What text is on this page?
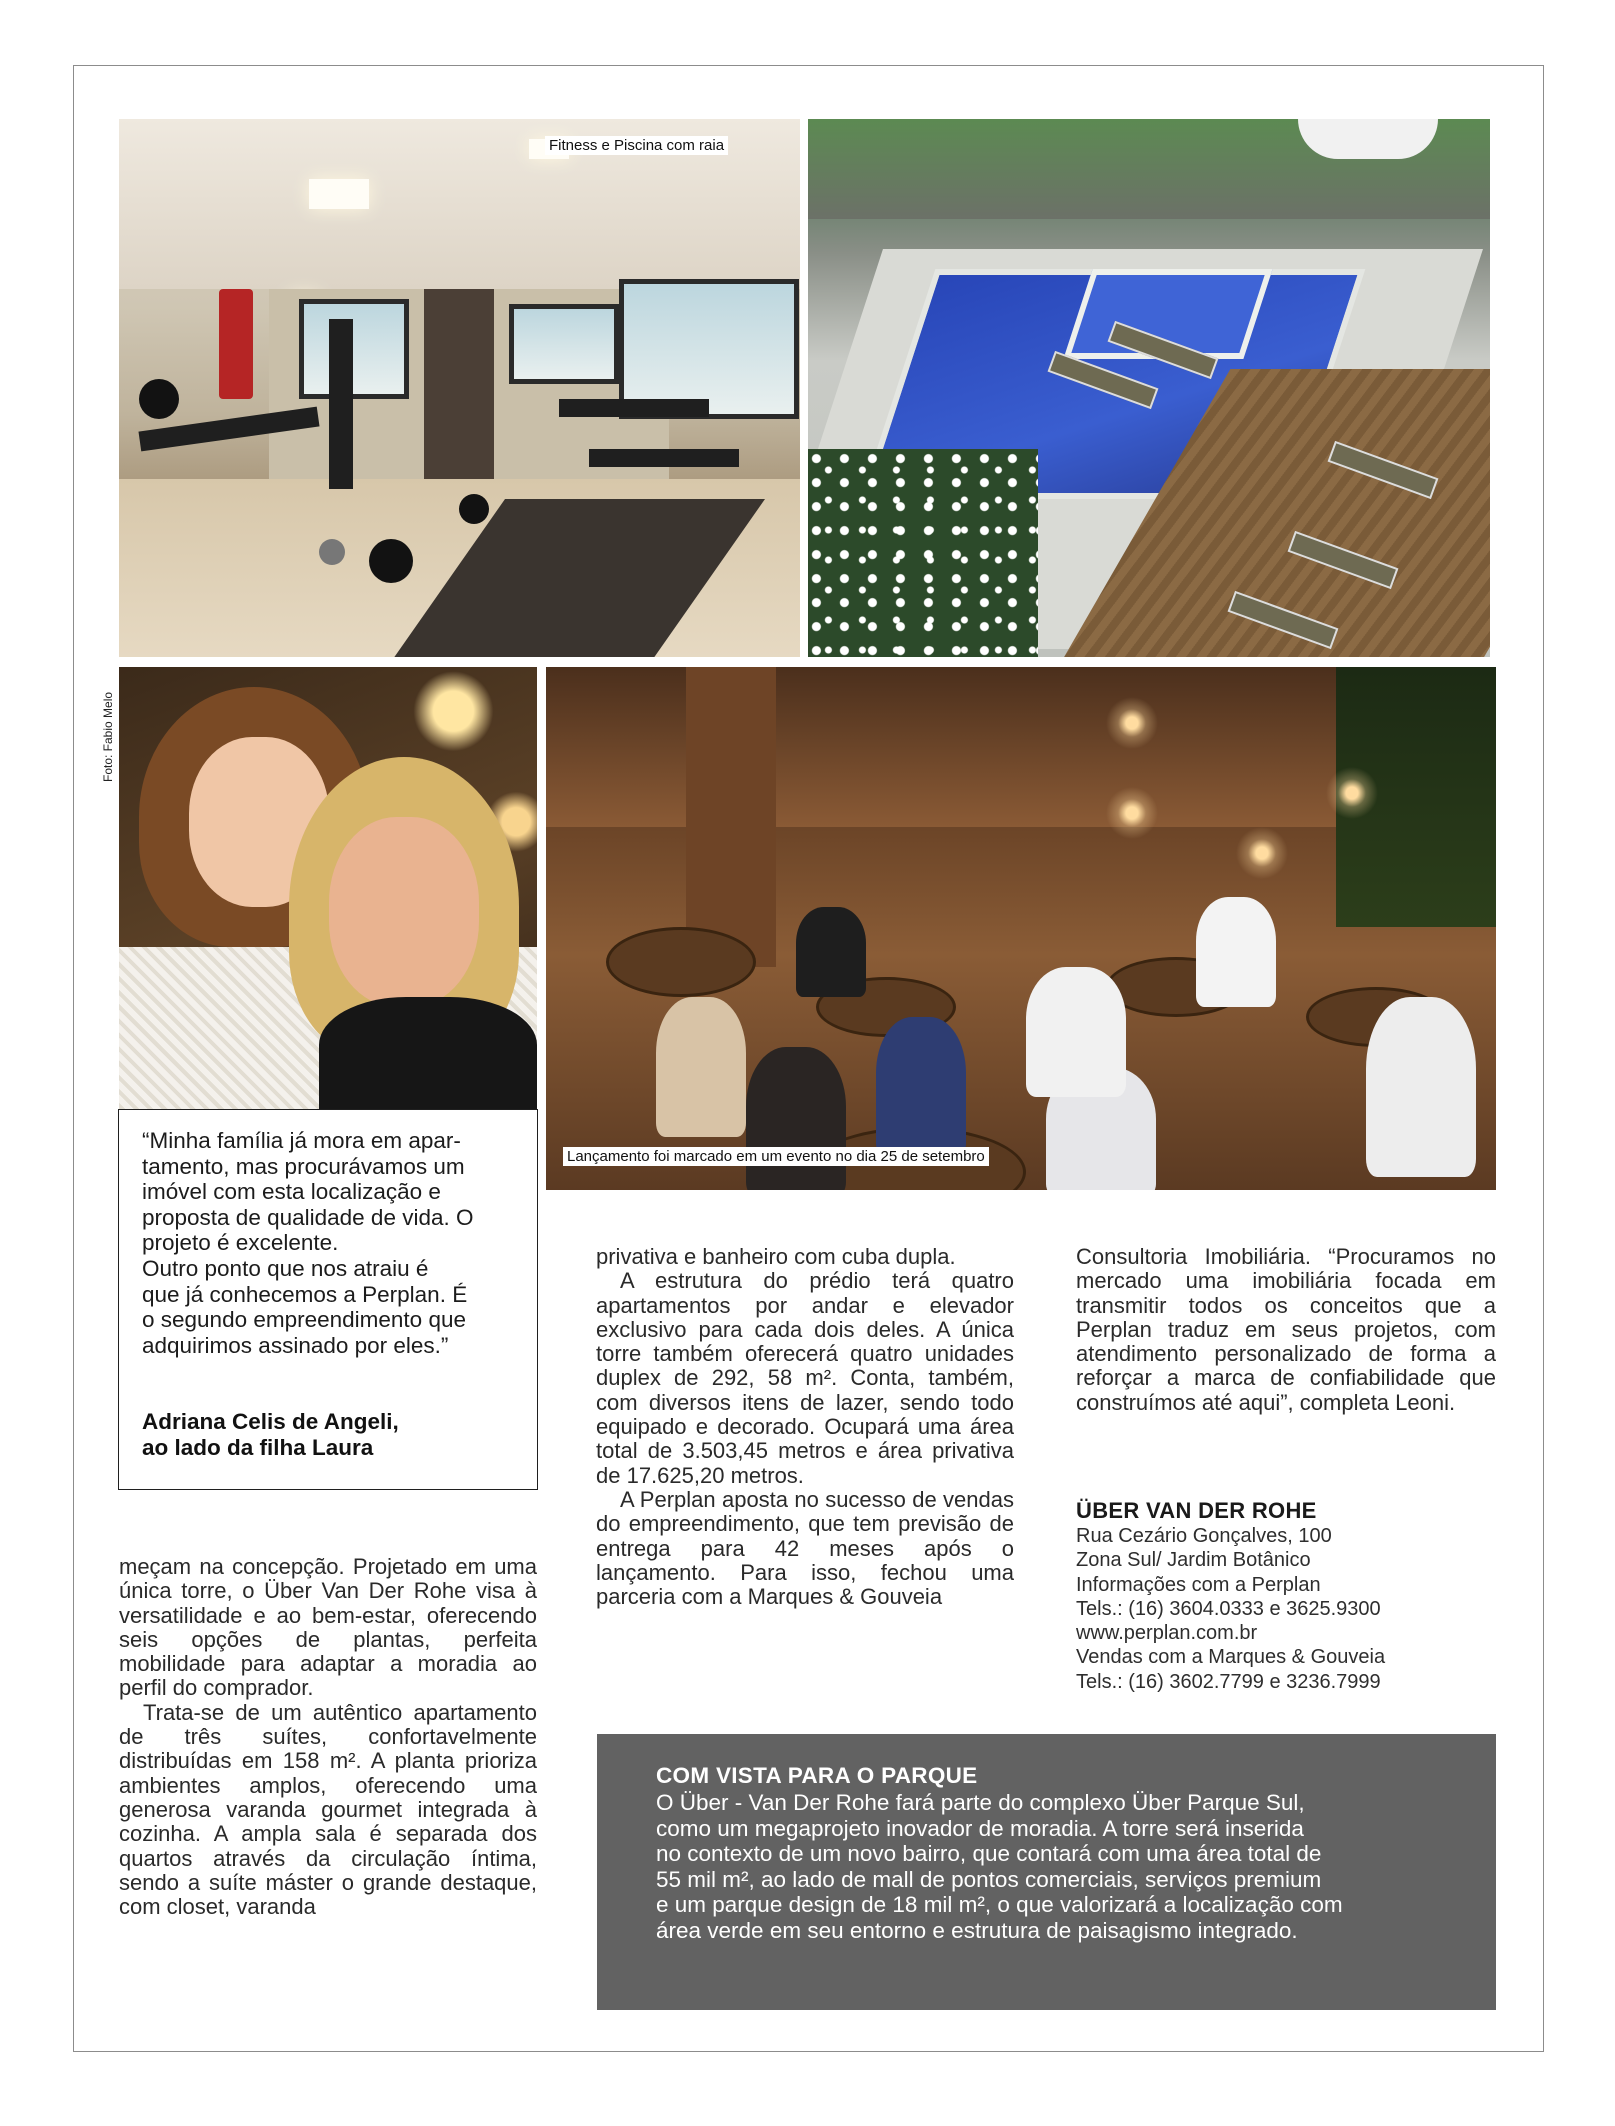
Fitness e Piscina com raia
Foto: Fabio Melo
Lançamento foi marcado em um evento no dia 25 de setembro
“Minha família já mora em apar-
tamento, mas procurávamos um
imóvel com esta localização e
proposta de qualidade de vida. O
projeto é excelente.
Outro ponto que nos atraiu é
que já conhecemos a Perplan. É
o segundo empreendimento que
adquirimos assinado por eles.”
Adriana Celis de Angeli,
ao lado da filha Laura

meçam na concepção. Projetado em uma única torre, o Über Van Der Rohe visa à versatilidade e ao bem-estar, oferecendo seis opções de plantas, perfeita mobilidade para adaptar a moradia ao perfil do comprador.

Trata-se de um autêntico apartamento de três suítes, confortavelmente distribuídas em 158 m². A planta prioriza ambientes amplos, oferecendo uma generosa varanda gourmet integrada à cozinha. A ampla sala é separada dos quartos através da circulação íntima, sendo a suíte máster o grande destaque, com closet, varanda

privativa e banheiro com cuba dupla.

A estrutura do prédio terá quatro apartamentos por andar e elevador exclusivo para cada dois deles. A única torre também oferecerá quatro unidades duplex de 292, 58 m². Conta, também, com diversos itens de lazer, sendo todo equipado e decorado. Ocupará uma área total de 3.503,45 metros e área privativa de 17.625,20 metros.

A Perplan aposta no sucesso de vendas do empreendimento, que tem previsão de entrega para 42 meses após o lançamento. Para isso, fechou uma parceria com a Marques & Gouveia

Consultoria Imobiliária. “Procuramos no mercado uma imobiliária focada em transmitir todos os conceitos que a Perplan traduz em seus projetos, com atendimento personalizado de forma a reforçar a marca de confiabilidade que construímos até aqui”, completa Leoni.

ÜBER VAN DER ROHE
Rua Cezário Gonçalves, 100
Zona Sul/ Jardim Botânico
Informações com a Perplan
Tels.: (16) 3604.0333 e 3625.9300
www.perplan.com.br
Vendas com a Marques & Gouveia
Tels.: (16) 3602.7799 e 3236.7999
COM VISTA PARA O PARQUE
O Über - Van Der Rohe fará parte do complexo Über Parque Sul,
como um megaprojeto inovador de moradia. A torre será inserida
no contexto de um novo bairro, que contará com uma área total de
55 mil m², ao lado de mall de pontos comerciais, serviços premium
e um parque design de 18 mil m², o que valorizará a localização com
área verde em seu entorno e estrutura de paisagismo integrado.
